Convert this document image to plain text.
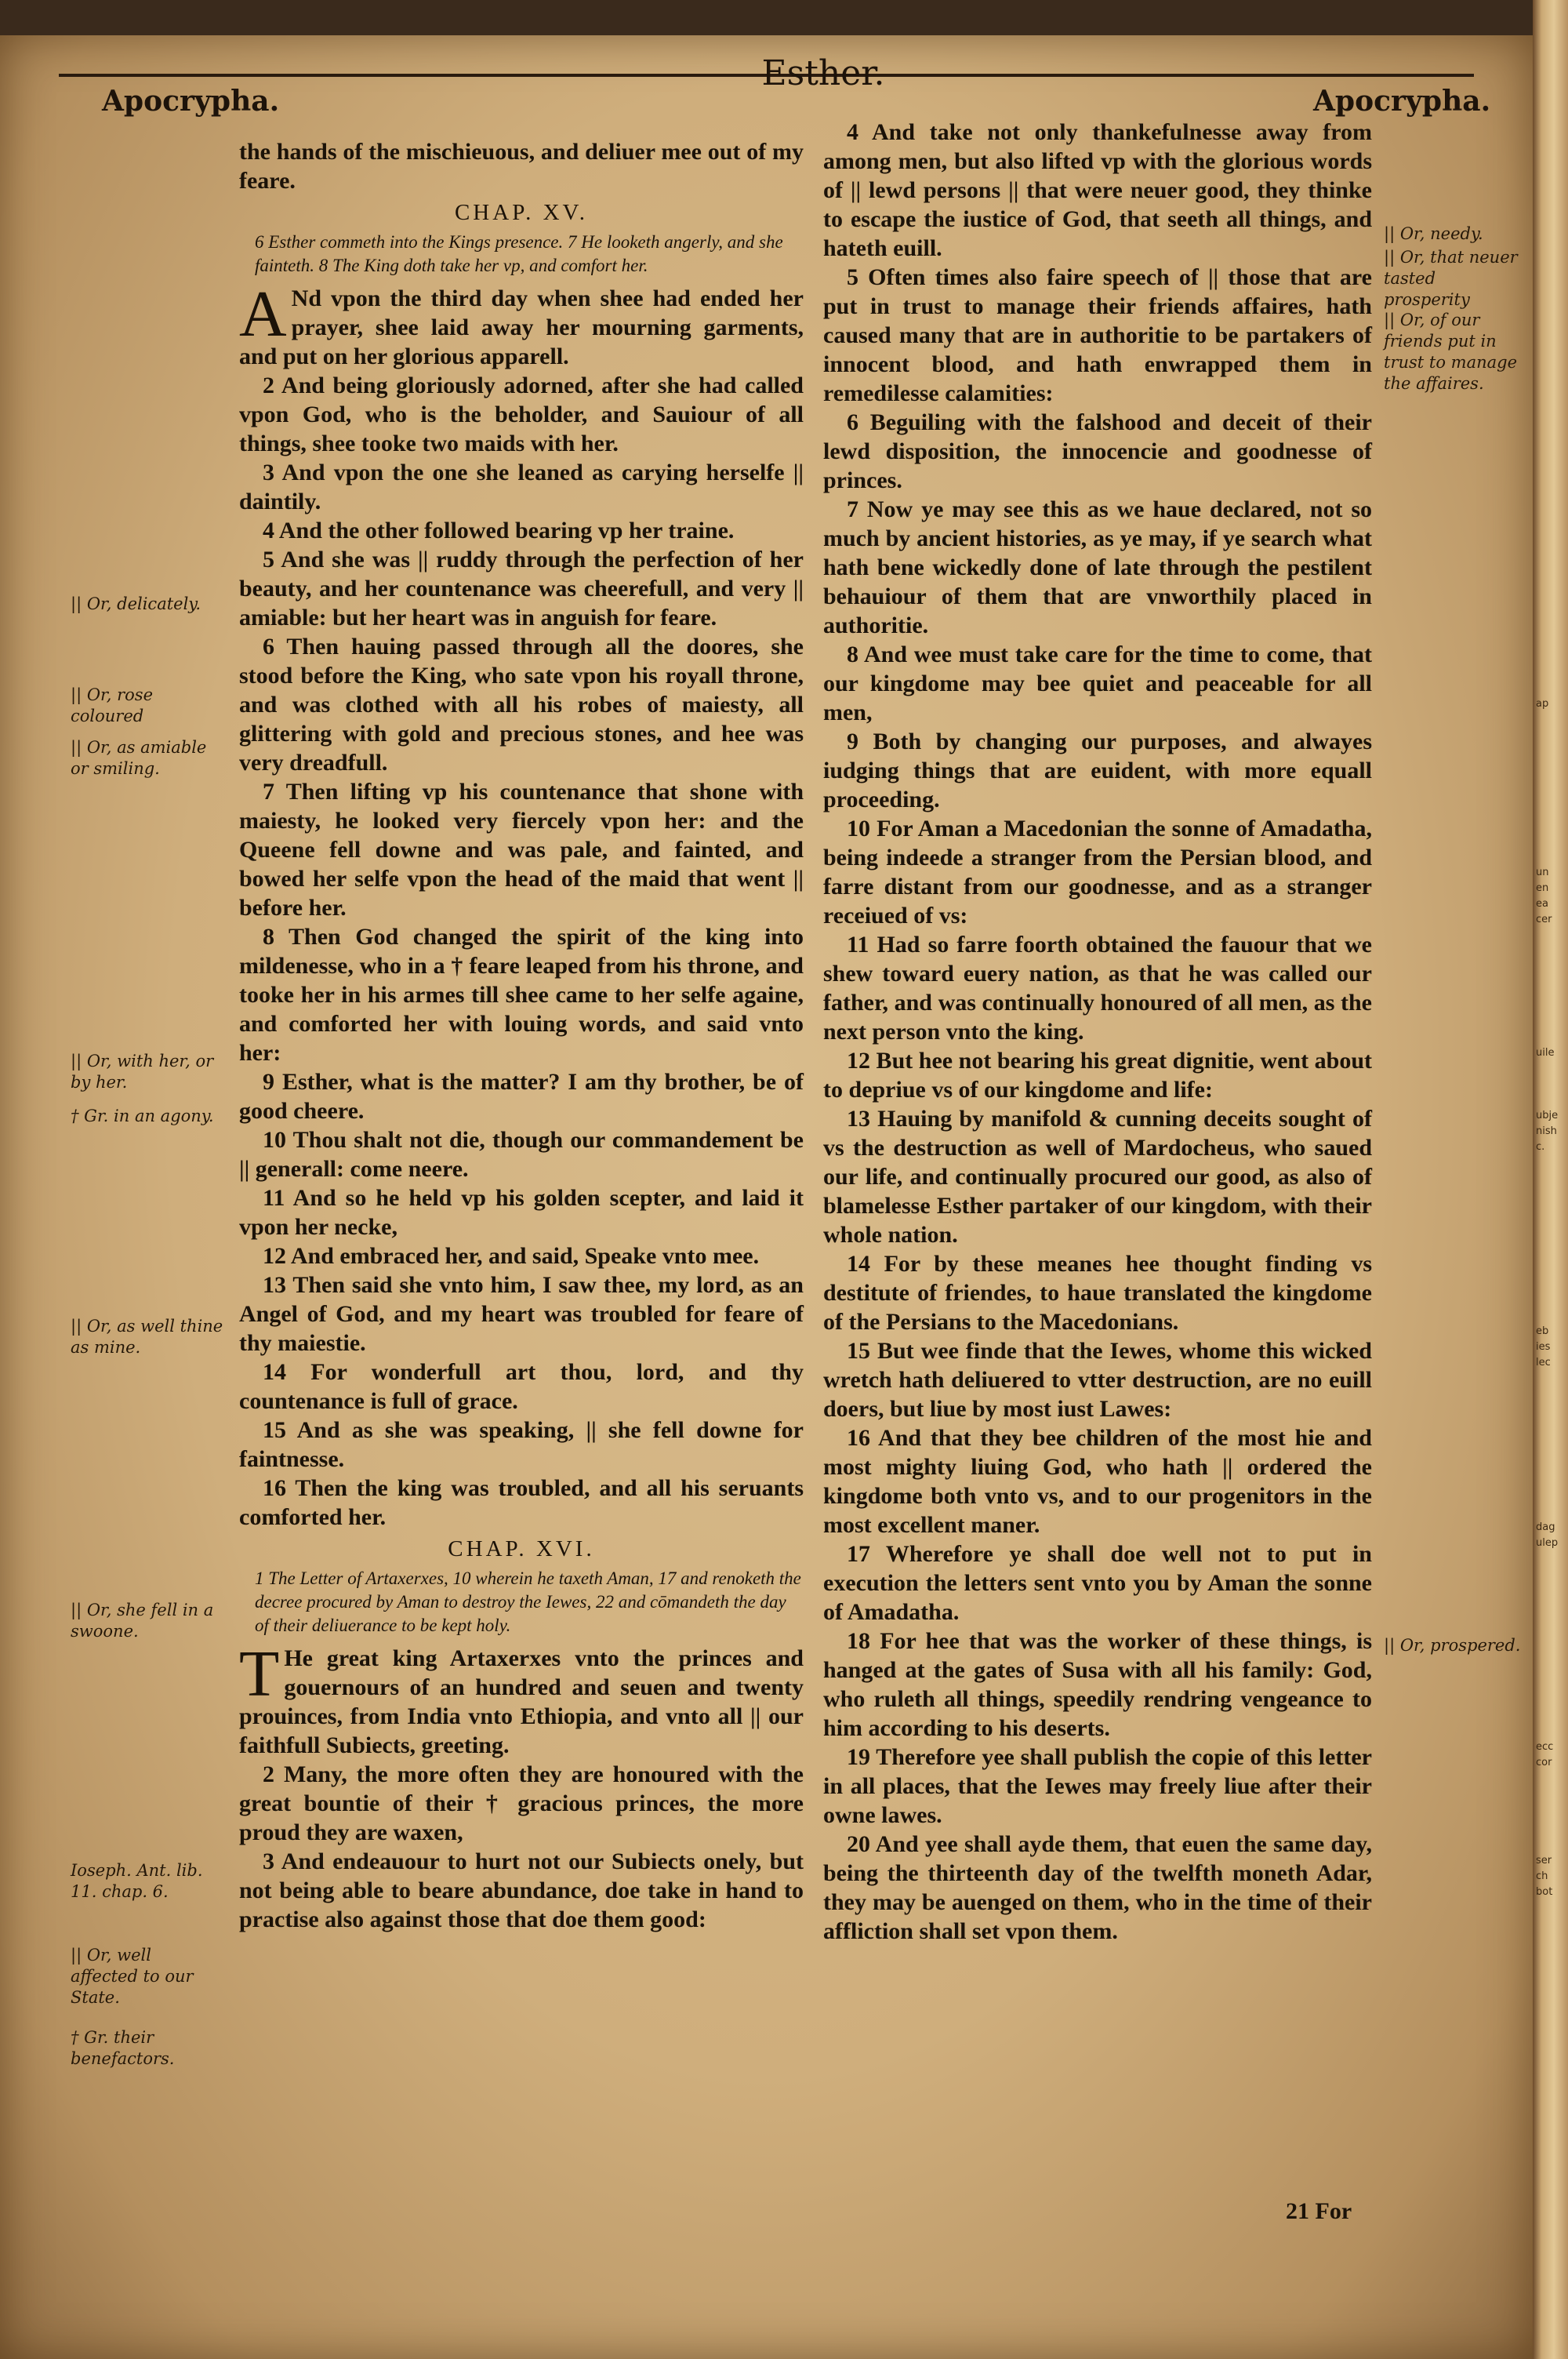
ap
un
en
ea
cer
uile
ubje
nish
c.
eb
ies
lec
dag
ulep
ecc
cor
ser
ch
bot
Esther.
Apocrypha.	Apocrypha.
|| Or, delicately.
|| Or, rose coloured
|| Or, as amiable or smiling.
|| Or, with her, or by her.
† Gr. in an agony.
|| Or, as well thine as mine.
|| Or, she fell in a swoone.
Ioseph. Ant. lib. 11. chap. 6.
|| Or, well affected to our State.
† Gr. their benefactors.

the hands of the mischieuous, and deliuer mee out of my feare.

CHAP. XV.
6 Esther commeth into the Kings presence. 7 He looketh angerly, and she fainteth. 8 The King doth take her vp, and comfort her.

A Nd vpon the third day when shee had ended her prayer, shee laid away her mourning garments, and put on her glorious apparell.

2 And being gloriously adorned, after she had called vpon God, who is the beholder, and Sauiour of all things, shee tooke two maids with her.

3 And vpon the one she leaned as carying herselfe || daintily.

4 And the other followed bearing vp her traine.

5 And she was || ruddy through the perfection of her beauty, and her countenance was cheerefull, and very || amiable: but her heart was in anguish for feare.

6 Then hauing passed through all the doores, she stood before the King, who sate vpon his royall throne, and was clothed with all his robes of maiesty, all glittering with gold and precious stones, and hee was very dreadfull.

7 Then lifting vp his countenance that shone with maiesty, he looked very fiercely vpon her: and the Queene fell downe and was pale, and fainted, and bowed her selfe vpon the head of the maid that went || before her.

8 Then God changed the spirit of the king into mildenesse, who in a † feare leaped from his throne, and tooke her in his armes till shee came to her selfe againe, and comforted her with louing words, and said vnto her:

9 Esther, what is the matter? I am thy brother, be of good cheere.

10 Thou shalt not die, though our commandement be || generall: come neere.

11 And so he held vp his golden scepter, and laid it vpon her necke,

12 And embraced her, and said, Speake vnto mee.

13 Then said she vnto him, I saw thee, my lord, as an Angel of God, and my heart was troubled for feare of thy maiestie.

14 For wonderfull art thou, lord, and thy countenance is full of grace.

15 And as she was speaking, || she fell downe for faintnesse.

16 Then the king was troubled, and all his seruants comforted her.

CHAP. XVI.
1 The Letter of Artaxerxes, 10 wherein he taxeth Aman, 17 and renoketh the decree procured by Aman to destroy the Iewes, 22 and cōmandeth the day of their deliuerance to be kept holy.

T He great king Artaxerxes vnto the princes and gouernours of an hundred and seuen and twenty prouinces, from India vnto Ethiopia, and vnto all || our faithfull Subiects, greeting.

2 Many, the more often they are honoured with the great bountie of their † gracious princes, the more proud they are waxen,

3 And endeauour to hurt not our Subiects onely, but not being able to beare abundance, doe take in hand to practise also against those that doe them good:

4 And take not only thankefulnesse away from among men, but also lifted vp with the glorious words of || lewd persons || that were neuer good, they thinke to escape the iustice of God, that seeth all things, and hateth euill.

5 Often times also faire speech of || those that are put in trust to manage their friends affaires, hath caused many that are in authoritie to be partakers of innocent blood, and hath enwrapped them in remedilesse calamities:

6 Beguiling with the falshood and deceit of their lewd disposition, the innocencie and goodnesse of princes.

7 Now ye may see this as we haue declared, not so much by ancient histories, as ye may, if ye search what hath bene wickedly done of late through the pestilent behauiour of them that are vnworthily placed in authoritie.

8 And wee must take care for the time to come, that our kingdome may bee quiet and peaceable for all men,

9 Both by changing our purposes, and alwayes iudging things that are euident, with more equall proceeding.

10 For Aman a Macedonian the sonne of Amadatha, being indeede a stranger from the Persian blood, and farre distant from our goodnesse, and as a stranger receiued of vs:

11 Had so farre foorth obtained the fauour that we shew toward euery nation, as that he was called our father, and was continually honoured of all men, as the next person vnto the king.

12 But hee not bearing his great dignitie, went about to depriue vs of our kingdome and life:

13 Hauing by manifold & cunning deceits sought of vs the destruction as well of Mardocheus, who saued our life, and continually procured our good, as also of blamelesse Esther partaker of our kingdom, with their whole nation.

14 For by these meanes hee thought finding vs destitute of friendes, to haue translated the kingdome of the Persians to the Macedonians.

15 But wee finde that the Iewes, whome this wicked wretch hath deliuered to vtter destruction, are no euill doers, but liue by most iust Lawes:

16 And that they bee children of the most hie and most mighty liuing God, who hath || ordered the kingdome both vnto vs, and to our progenitors in the most excellent maner.

17 Wherefore ye shall doe well not to put in execution the letters sent vnto you by Aman the sonne of Amadatha.

18 For hee that was the worker of these things, is hanged at the gates of Susa with all his family: God, who ruleth all things, speedily rendring vengeance to him according to his deserts.

19 Therefore yee shall publish the copie of this letter in all places, that the Iewes may freely liue after their owne lawes.

20 And yee shall ayde them, that euen the same day, being the thirteenth day of the twelfth moneth Adar, they may be auenged on them, who in the time of their affliction shall set vpon them.

|| Or, needy.
|| Or, that neuer tasted prosperity
|| Or, of our friends put in trust to manage the affaires.
|| Or, prospered.
21 For
